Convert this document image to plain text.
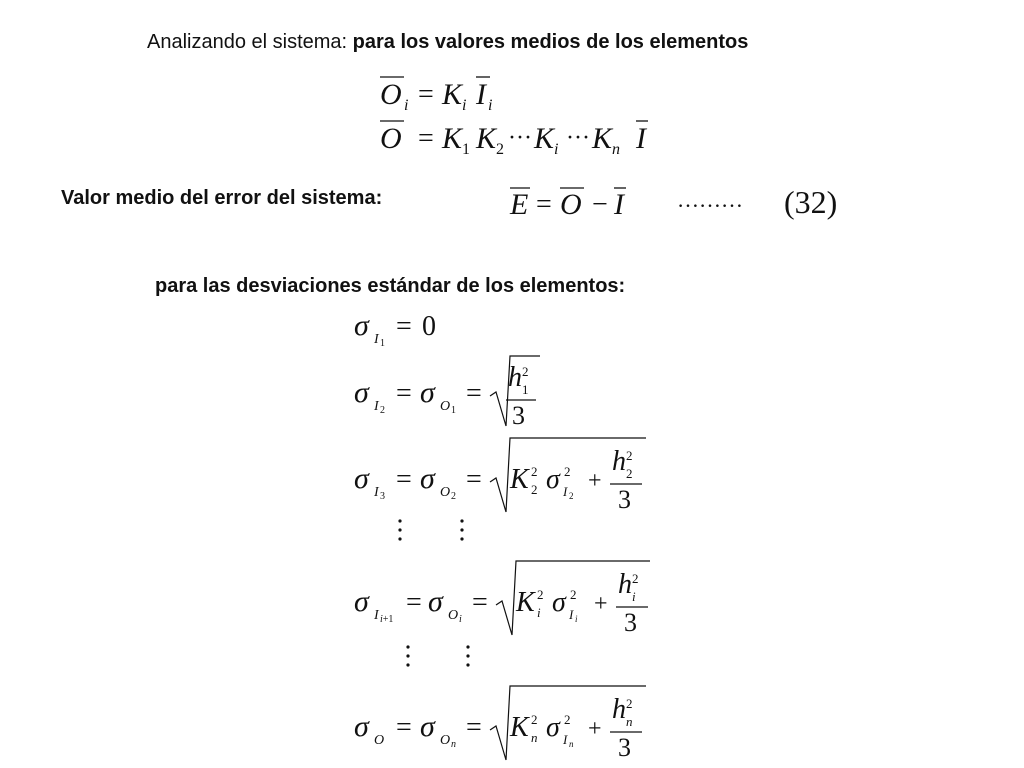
Analizando el sistema: para los valores medios de los elementos
O i = K i I i
O = K 1 K 2 ··· K i ··· K n I
Valor medio del error del sistema:	E = O − I ……… (32)
para las desviaciones estándar de los elementos:
σ I 1
= 0
σ I 2
= σ O 1
=
h 1
2
3
σ I 3
= σ O 2
= K 2
2 σ I 2
2 +
h 2
2
3
σ I i+1
= σ O i
= K i
2 σ I i
2 +
h i
2
3
σ O = σ O n
= K n
2 σ I n
2 +
h n
2
3
